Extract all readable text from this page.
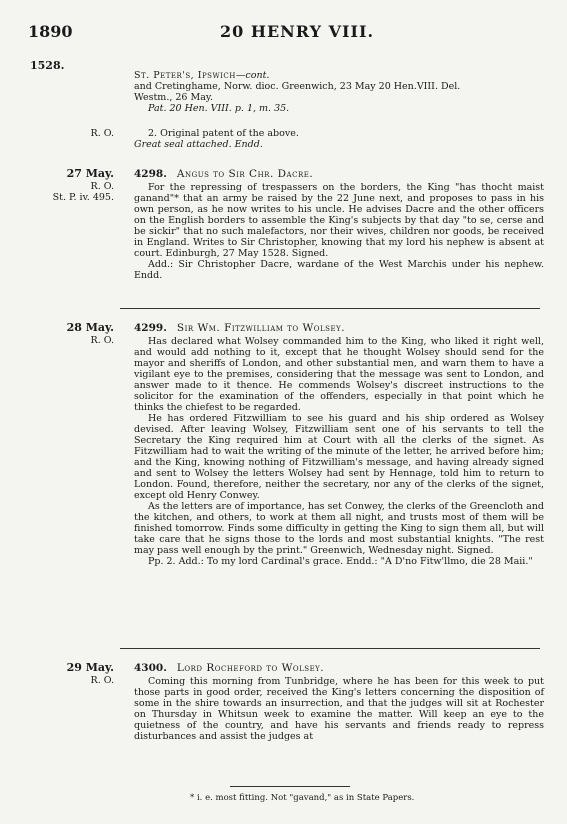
1890	20 HENRY VIII.
1528.

St. Peter's, Ipswich—cont.

and Cretinghame, Norw. dioc. Greenwich, 23 May 20 Hen.VIII. Del.

Westm., 26 May.

Pat. 20 Hen. VIII. p. 1, m. 35.

R. O.	2. Original patent of the above.

Great seal attached. Endd.

27 May.
R. O.
St. P. iv. 495.
4298. Angus to Sir Chr. Dacre.

For the repressing of trespassers on the borders, the King "has thocht maist ganand"* that an army be raised by the 22 June next, and proposes to pass in his own person, as he now writes to his uncle. He advises Dacre and the other officers on the English borders to assemble the King's subjects by that day "to se, cerse and be sickir" that no such malefactors, nor their wives, children nor goods, be received in England. Writes to Sir Christopher, knowing that my lord his nephew is absent at court. Edinburgh, 27 May 1528. Signed.

Add.: Sir Christopher Dacre, wardane of the West Marchis under his nephew. Endd.

28 May.
R. O.
4299. Sir Wm. Fitzwilliam to Wolsey.

Has declared what Wolsey commanded him to the King, who liked it right well, and would add nothing to it, except that he thought Wolsey should send for the mayor and sheriffs of London, and other substantial men, and warn them to have a vigilant eye to the premises, considering that the message was sent to London, and answer made to it thence. He commends Wolsey's discreet instructions to the solicitor for the examination of the offenders, especially in that point which he thinks the chiefest to be regarded.

He has ordered Fitzwilliam to see his guard and his ship ordered as Wolsey devised. After leaving Wolsey, Fitzwilliam sent one of his servants to tell the Secretary the King required him at Court with all the clerks of the signet. As Fitzwilliam had to wait the writing of the minute of the letter, he arrived before him; and the King, knowing nothing of Fitzwilliam's message, and having already signed and sent to Wolsey the letters Wolsey had sent by Hennage, told him to return to London. Found, therefore, neither the secretary, nor any of the clerks of the signet, except old Henry Conwey.

As the letters are of importance, has set Conwey, the clerks of the Greencloth and the kitchen, and others, to work at them all night, and trusts most of them will be finished tomorrow. Finds some difficulty in getting the King to sign them all, but will take care that he signs those to the lords and most substantial knights. "The rest may pass well enough by the print." Greenwich, Wednesday night. Signed.

Pp. 2. Add.: To my lord Cardinal's grace. Endd.: "A D'no Fitw'llmo, die 28 Maii."

29 May.
R. O.
4300. Lord Rocheford to Wolsey.

Coming this morning from Tunbridge, where he has been for this week to put those parts in good order, received the King's letters concerning the disposition of some in the shire towards an insurrection, and that the judges will sit at Rochester on Thursday in Whitsun week to examine the matter. Will keep an eye to the quietness of the country, and have his servants and friends ready to repress disturbances and assist the judges at

* i. e. most fitting. Not "gavand," as in State Papers.
